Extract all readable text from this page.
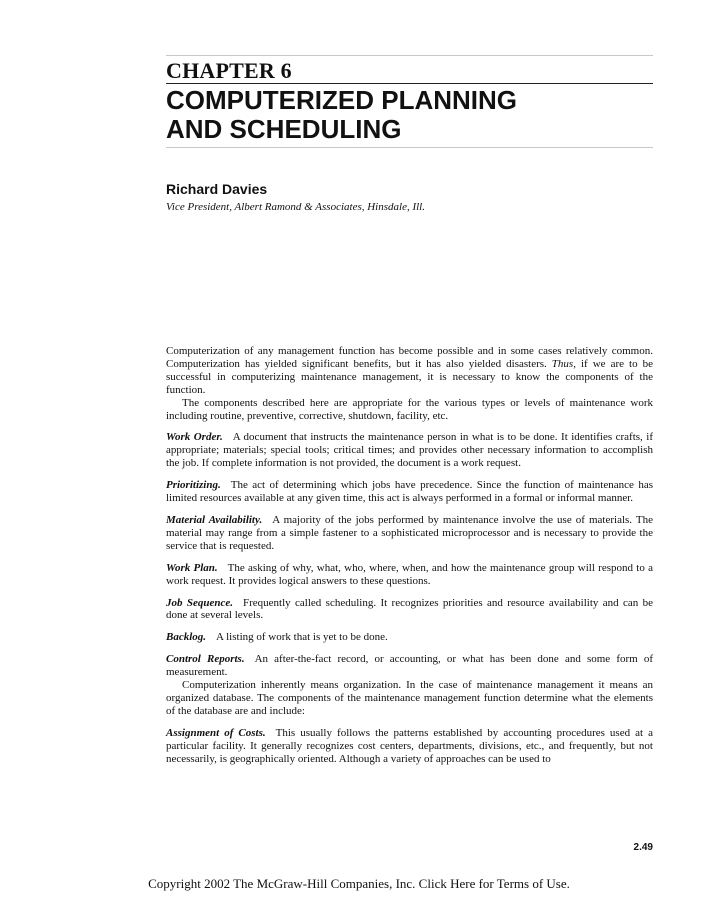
CHAPTER 6
COMPUTERIZED PLANNING
AND SCHEDULING
Richard Davies
Vice President, Albert Ramond & Associates, Hinsdale, Ill.

Computerization of any management function has become possible and in some cases relatively common. Computerization has yielded significant benefits, but it has also yielded disasters. Thus, if we are to be successful in computerizing maintenance management, it is necessary to know the components of the function.

The components described here are appropriate for the various types or levels of maintenance work including routine, preventive, corrective, shutdown, facility, etc.

Work Order. A document that instructs the maintenance person in what is to be done. It identifies crafts, if appropriate; materials; special tools; critical times; and provides other necessary information to accomplish the job. If complete information is not provided, the document is a work request.

Prioritizing. The act of determining which jobs have precedence. Since the function of maintenance has limited resources available at any given time, this act is always performed in a formal or informal manner.

Material Availability. A majority of the jobs performed by maintenance involve the use of materials. The material may range from a simple fastener to a sophisticated microprocessor and is necessary to provide the service that is requested.

Work Plan. The asking of why, what, who, where, when, and how the maintenance group will respond to a work request. It provides logical answers to these questions.

Job Sequence. Frequently called scheduling. It recognizes priorities and resource availability and can be done at several levels.

Backlog. A listing of work that is yet to be done.

Control Reports. An after-the-fact record, or accounting, or what has been done and some form of measurement.

Computerization inherently means organization. In the case of maintenance management it means an organized database. The components of the maintenance management function determine what the elements of the database are and include:

Assignment of Costs. This usually follows the patterns established by accounting procedures used at a particular facility. It generally recognizes cost centers, departments, divisions, etc., and frequently, but not necessarily, is geographically oriented. Although a variety of approaches can be used to

2.49
Copyright 2002 The McGraw-Hill Companies, Inc. Click Here for Terms of Use.
